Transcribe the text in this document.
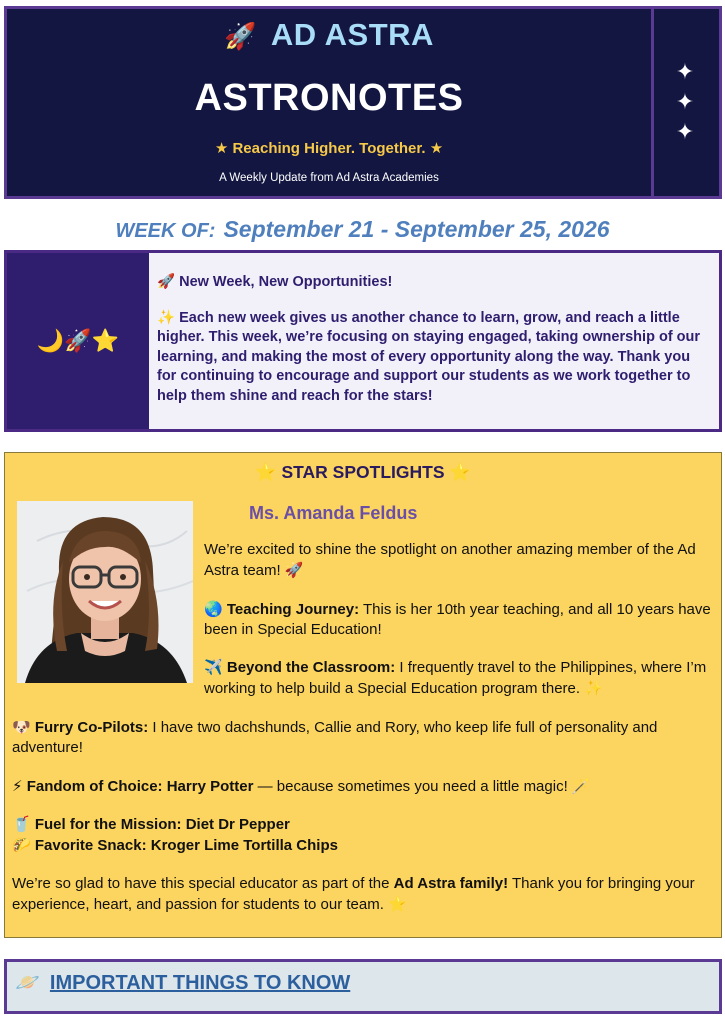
🚀 AD ASTRA
ASTRONOTES
★ Reaching Higher. Together. ★
A Weekly Update from Ad Astra Academies
✦
✦
✦
WEEK OF: September 21 - September 25, 2026
🌙🚀⭐

🚀 New Week, New Opportunities!

✨ Each new week gives us another chance to learn, grow, and reach a little higher. This week, we’re focusing on staying engaged, taking ownership of our learning, and making the most of every opportunity along the way. Thank you for continuing to encourage and support our students as we work together to help them shine and reach for the stars!

⭐ STAR SPOTLIGHTS ⭐
Ms. Amanda Feldus

We’re excited to shine the spotlight on another amazing member of the Ad Astra team! 🚀

🌏 Teaching Journey: This is her 10th year teaching, and all 10 years have been in Special Education!

✈️ Beyond the Classroom: I frequently travel to the Philippines, where I’m working to help build a Special Education program there. ✨

🐶 Furry Co-Pilots: I have two dachshunds, Callie and Rory, who keep life full of personality and adventure!

⚡ Fandom of Choice: Harry Potter — because sometimes you need a little magic! 🪄

🥤 Fuel for the Mission: Diet Dr Pepper

🌮 Favorite Snack: Kroger Lime Tortilla Chips

We’re so glad to have this special educator as part of the Ad Astra family! Thank you for bringing your experience, heart, and passion for students to our team. ⭐

🪐 IMPORTANT THINGS TO KNOW
